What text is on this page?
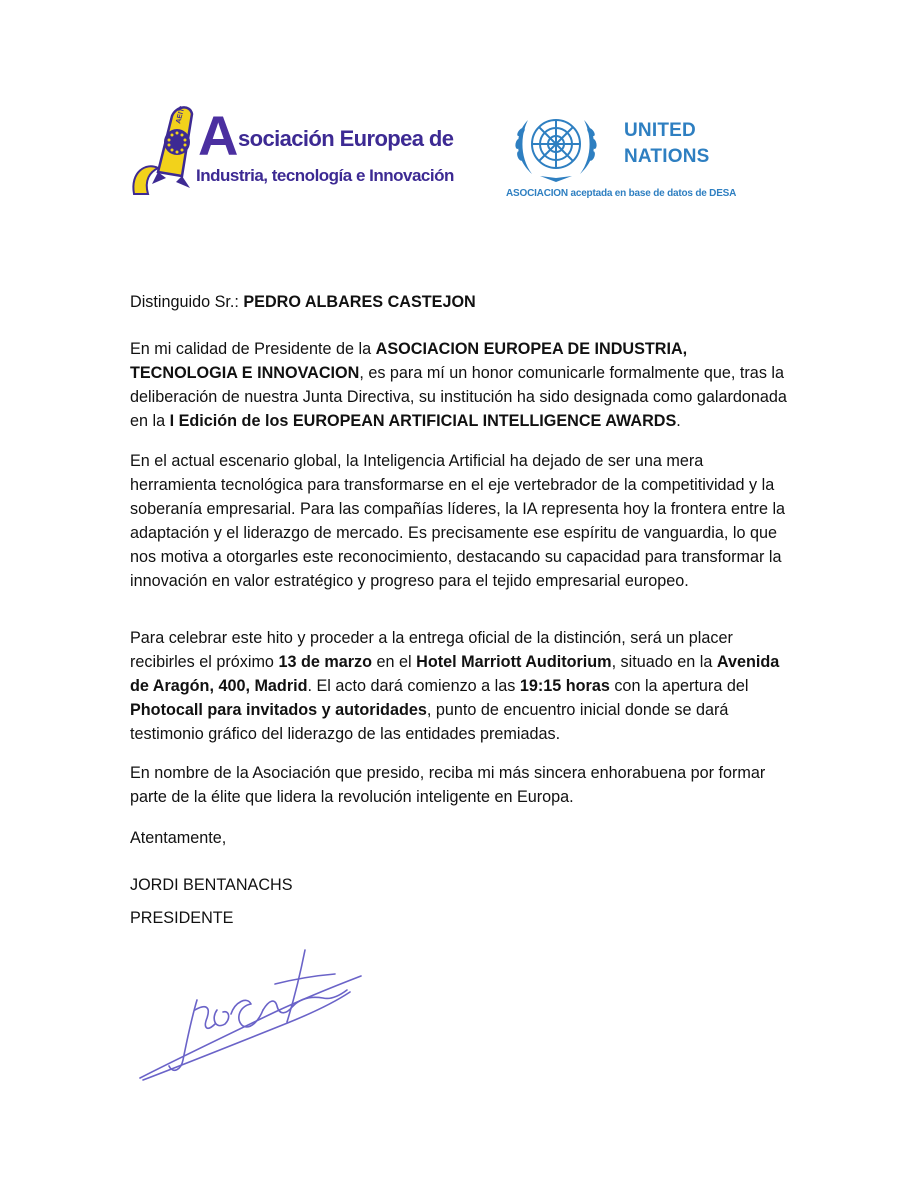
AEITI A sociación Europea de
Industria, tecnología e Innovación
UNITED
NATIONS
ASOCIACION aceptada en base de datos de DESA
Distinguido Sr.: PEDRO ALBARES CASTEJON
En mi calidad de Presidente de la ASOCIACION EUROPEA DE INDUSTRIA, TECNOLOGIA E INNOVACION, es para mí un honor comunicarle formalmente que, tras la deliberación de nuestra Junta Directiva, su institución ha sido designada como galardonada en la I Edición de los EUROPEAN ARTIFICIAL INTELLIGENCE AWARDS.
En el actual escenario global, la Inteligencia Artificial ha dejado de ser una mera herramienta tecnológica para transformarse en el eje vertebrador de la competitividad y la soberanía empresarial. Para las compañías líderes, la IA representa hoy la frontera entre la adaptación y el liderazgo de mercado. Es precisamente ese espíritu de vanguardia, lo que nos motiva a otorgarles este reconocimiento, destacando su capacidad para transformar la innovación en valor estratégico y progreso para el tejido empresarial europeo.
Para celebrar este hito y proceder a la entrega oficial de la distinción, será un placer recibirles el próximo 13 de marzo en el Hotel Marriott Auditorium, situado en la Avenida de Aragón, 400, Madrid. El acto dará comienzo a las 19:15 horas con la apertura del Photocall para invitados y autoridades, punto de encuentro inicial donde se dará testimonio gráfico del liderazgo de las entidades premiadas.
En nombre de la Asociación que presido, reciba mi más sincera enhorabuena por formar parte de la élite que lidera la revolución inteligente en Europa.
Atentamente,
JORDI BENTANACHS
PRESIDENTE
